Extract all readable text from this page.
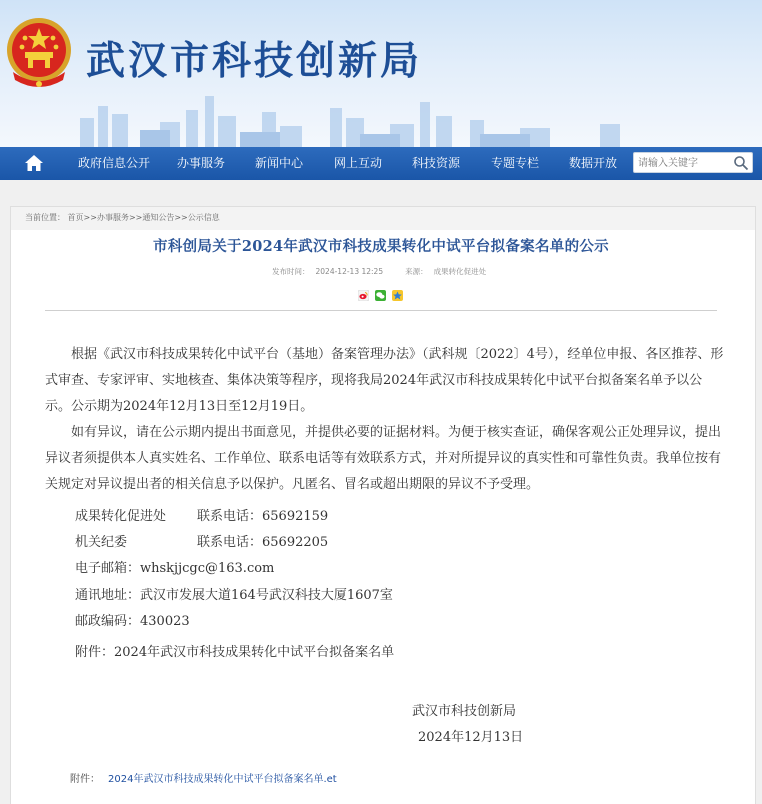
武汉市科技创新局
政府信息公开 办事服务 新闻中心	网上互动 科技资源	专题专栏 数据开放
请输入关键字
当前位置： 首页>>办事服务>>通知公告>>公示信息
市科创局关于2024年武汉市科技成果转化中试平台拟备案名单的公示
发布时间： 2024-12-13 12:25	来源： 成果转化促进处

根据《武汉市科技成果转化中试平台（基地）备案管理办法》（武科规〔2022〕4号），经单位申报、各区推荐、形式审查、专家评审、实地核查、集体决策等程序，现将我局2024年武汉市科技成果转化中试平台拟备案名单予以公示。公示期为2024年12月13日至12月19日。

如有异议，请在公示期内提出书面意见，并提供必要的证据材料。为便于核实查证，确保客观公正处理异议，提出异议者须提供本人真实姓名、工作单位、联系电话等有效联系方式，并对所提异议的真实性和可靠性负责。我单位按有关规定对异议提出者的相关信息予以保护。凡匿名、冒名或超出期限的异议不予受理。

成果转化促进处 联系电话：65692159
机关纪委	联系电话：65692205
电子邮箱：whskjjcgc@163.com
通讯地址：武汉市发展大道164号武汉科技大厦1607室
邮政编码：430023
附件：2024年武汉市科技成果转化中试平台拟备案名单
武汉市科技创新局
2024年12月13日
附件： 2024年武汉市科技成果转化中试平台拟备案名单.et
